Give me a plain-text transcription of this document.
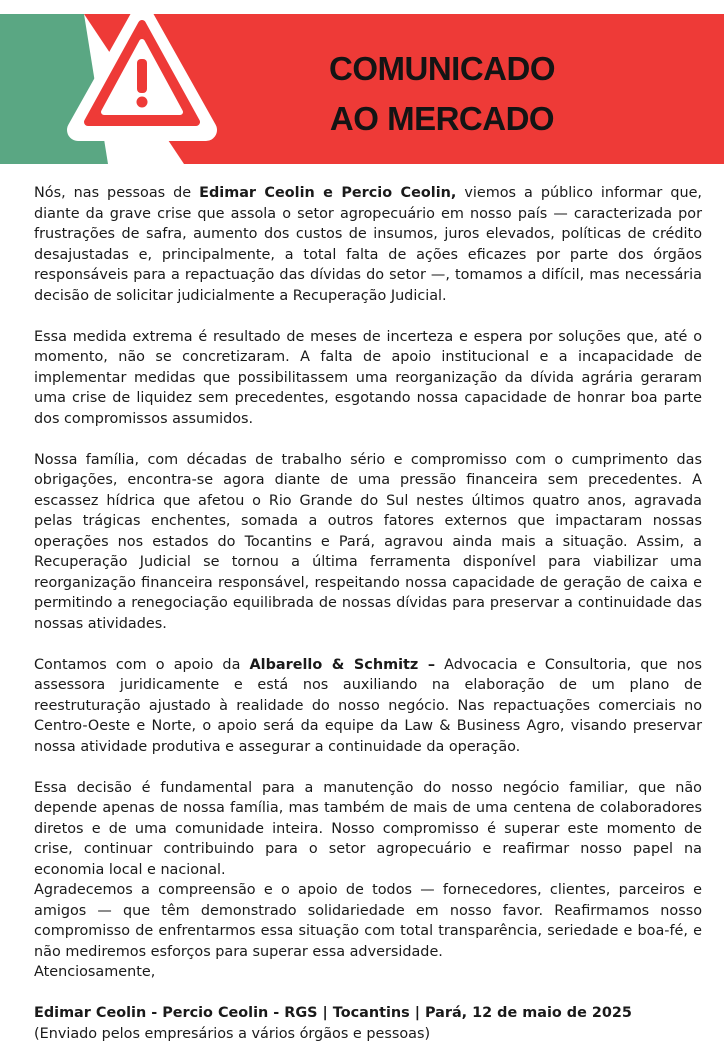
COMUNICADO
AO MERCADO

Nós, nas pessoas de Edimar Ceolin e Percio Ceolin, viemos a público informar que, diante da grave crise que assola o setor agropecuário em nosso país — caracterizada por frustrações de safra, aumento dos custos de insumos, juros elevados, políticas de crédito desajustadas e, principalmente, a total falta de ações eficazes por parte dos órgãos responsáveis para a repactuação das dívidas do setor —, tomamos a difícil, mas necessária decisão de solicitar judicialmente a Recuperação Judicial.

Essa medida extrema é resultado de meses de incerteza e espera por soluções que, até o momento, não se concretizaram. A falta de apoio institucional e a incapacidade de implementar medidas que possibilitassem uma reorganização da dívida agrária geraram uma crise de liquidez sem precedentes, esgotando nossa capacidade de honrar boa parte dos compromissos assumidos.

Nossa família, com décadas de trabalho sério e compromisso com o cumprimento das obrigações, encontra-se agora diante de uma pressão financeira sem precedentes. A escassez hídrica que afetou o Rio Grande do Sul nestes últimos quatro anos, agravada pelas trágicas enchentes, somada a outros fatores externos que impactaram nossas operações nos estados do Tocantins e Pará, agravou ainda mais a situação. Assim, a Recuperação Judicial se tornou a última ferramenta disponível para viabilizar uma reorganização financeira responsável, respeitando nossa capacidade de geração de caixa e permitindo a renegociação equilibrada de nossas dívidas para preservar a continuidade das nossas atividades.

Contamos com o apoio da Albarello & Schmitz – Advocacia e Consultoria, que nos assessora juridicamente e está nos auxiliando na elaboração de um plano de reestruturação ajustado à realidade do nosso negócio. Nas repactuações comerciais no Centro-Oeste e Norte, o apoio será da equipe da Law & Business Agro, visando preservar nossa atividade produtiva e assegurar a continuidade da operação.

Essa decisão é fundamental para a manutenção do nosso negócio familiar, que não depende apenas de nossa família, mas também de mais de uma centena de colaboradores diretos e de uma comunidade inteira. Nosso compromisso é superar este momento de crise, continuar contribuindo para o setor agropecuário e reafirmar nosso papel na economia local e nacional.

Agradecemos a compreensão e o apoio de todos — fornecedores, clientes, parceiros e amigos — que têm demonstrado solidariedade em nosso favor. Reafirmamos nosso compromisso de enfrentarmos essa situação com total transparência, seriedade e boa-fé, e não mediremos esforços para superar essa adversidade.

Atenciosamente,

Edimar Ceolin - Percio Ceolin - RGS | Tocantins | Pará, 12 de maio de 2025

(Enviado pelos empresários a vários órgãos e pessoas)
